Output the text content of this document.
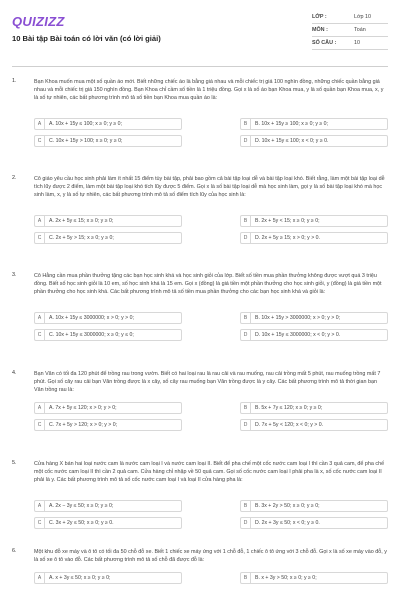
QUIZIZZ
10 Bài tập Bài toán có lời văn (có lời giải)
LỚP :	Lớp 10
MÔN :	Toán
SỐ CÂU :	10
1.	Bạn Khoa muốn mua một số quần áo mới. Biết những chiếc áo là bằng giá nhau và mỗi chiếc trị giá 100 nghìn đồng, những chiếc quần bằng giá nhau và mỗi chiếc trị giá 150 nghìn đồng. Bạn Khoa chỉ cầm số tiền là 1 triệu đồng. Gọi x là số áo bạn Khoa mua, y là số quần bạn Khoa mua, x, y là số tự nhiên, các bất phương trình mô tả số tiền bạn Khoa mua quần áo là:
A	A. 10x + 15y ≤ 100; x ≥ 0; y ≥ 0;	B	B. 10x + 15y ≥ 100; x ≥ 0; y ≥ 0;
C	C. 10x + 15y > 100; x ≥ 0; y ≥ 0;	D	D. 10x + 15y ≤ 100; x < 0; y ≥ 0.
2.	Cô giáo yêu cầu học sinh phải làm ít nhất 15 điểm tùy bài tập, phải bao gồm cả bài tập loại dễ và bài tập loại khó. Biết rằng, làm một bài tập loại dễ tích lũy được 2 điểm, làm một bài tập loại khó tích lũy được 5 điểm. Gọi x là số bài tập loại dễ mà học sinh làm, gọi y là số bài tập loại khó mà học sinh làm, x, y là số tự nhiên, các bất phương trình mô tả số điểm tích lũy của học sinh là:
A	A. 2x + 5y ≤ 15; x ≥ 0; y ≥ 0;	B	B. 2x + 5y < 15; x ≥ 0; y ≥ 0;
C	C. 2x + 5y > 15; x ≥ 0; y ≥ 0;	D	D. 2x + 5y ≥ 15; x > 0; y > 0.
3.	Cô Hằng cần mua phần thưởng tặng các bạn học sinh khá và học sinh giỏi của lớp. Biết số tiền mua phần thưởng không được vượt quá 3 triệu đồng. Biết số học sinh giỏi là 10 em, số học sinh khá là 15 em. Gọi x (đồng) là giá tiền một phần thưởng cho học sinh giỏi, y (đồng) là giá tiền một phần thưởng cho học sinh khá. Các bất phương trình mô tả số tiền mua phần thưởng cho các bạn học sinh khá và giỏi là:
A	A. 10x + 15y ≤ 3000000; x > 0; y > 0;	B	B. 10x + 15y > 3000000; x > 0; y > 0;
C	C. 10x + 15y ≤ 3000000; x ≥ 0; y ≤ 0;	D	D. 10x + 15y ≤ 3000000; x < 0; y > 0.
4.	Bạn Văn có tối đa 120 phút để trồng rau trong vườn. Biết có hai loại rau là rau cải và rau muống, rau cải trồng mất 5 phút, rau muống trồng mất 7 phút. Gọi số cây rau cải bạn Văn trồng được là x cây, số cây rau muống bạn Văn trồng được là y cây. Các bất phương trình mô tả thời gian bạn Văn trồng rau là:
A	A. 7x + 5y ≤ 120; x > 0; y > 0;	B	B. 5x + 7y ≤ 120; x ≥ 0; y ≥ 0;
C	C. 7x + 5y > 120; x > 0; y > 0;	D	D. 7x + 5y < 120; x < 0; y > 0.
5.	Cửa hàng X bán hai loại nước cam là nước cam loại I và nước cam loại II. Biết để pha chế một cốc nước cam loại I thì cần 3 quả cam, để pha chế một cốc nước cam loại II thì cần 2 quả cam. Cửa hàng chỉ nhập về 50 quả cam. Gọi số cốc nước cam loại I phải pha là x, số cốc nước cam loại II phải là y. Các bất phương trình mô tả số cốc nước cam loại I và loại II cửa hàng pha là:
A	A. 2x − 3y ≤ 50; x ≥ 0; y ≥ 0;	B	B. 3x + 2y > 50; x ≥ 0; y ≥ 0;
C	C. 3x + 2y ≤ 50; x ≥ 0; y ≥ 0.	D	D. 2x + 3y ≤ 50; x < 0; y ≥ 0.
6.	Một khu đỗ xe máy và ô tô có tối đa 50 chỗ đỗ xe. Biết 1 chiếc xe máy ứng với 1 chỗ đỗ, 1 chiếc ô tô ứng với 3 chỗ đỗ. Gọi x là số xe máy vào đỗ, y là số xe ô tô vào đỗ. Các bất phương trình mô tả số chỗ đã được đỗ là:
A	A. x + 3y ≤ 50; x ≥ 0; y ≥ 0;	B	B. x + 3y > 50; x ≥ 0; y ≥ 0;
